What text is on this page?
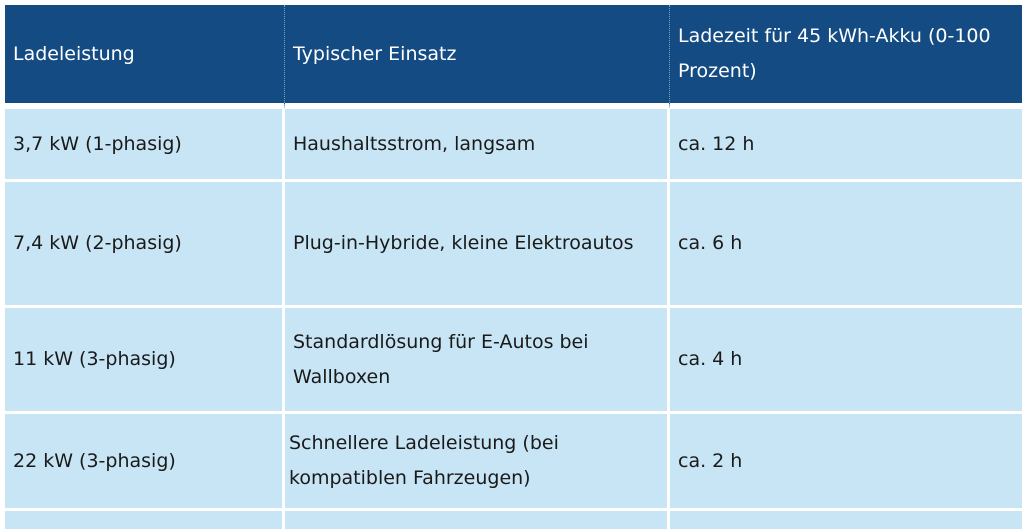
Ladeleistung	Typischer Einsatz	Ladezeit für 45 kWh-Akku (0-100 Prozent)
3,7 kW (1-phasig)	Haushaltsstrom, langsam	ca. 12 h
7,4 kW (2-phasig)	Plug-in-Hybride, kleine Elektroautos	ca. 6 h
11 kW (3-phasig)	Standardlösung für E-Autos bei Wallboxen	ca. 4 h
22 kW (3-phasig)	Schnellere Ladeleistung (bei kompatiblen Fahrzeugen)	ca. 2 h
